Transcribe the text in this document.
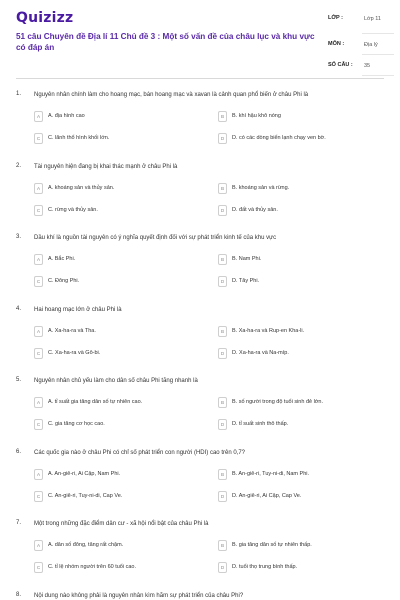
Quizizz
51 câu Chuyên đề Địa lí 11 Chủ đề 3 : Một số vấn đề của châu lục và khu vực có đáp án
LỚP :	Lớp 11
MÔN :	Địa lý
SỐ CÂU : 35
1. Nguyên nhân chính làm cho hoang mạc, bán hoang mạc và xavan là cảnh quan phổ biến ở châu Phi là
A	A. địa hình cao	B	B. khí hậu khô nóng
C	C. lãnh thổ hình khối lớn.	D	D. có các dòng biển lạnh chạy ven bờ.
2. Tài nguyên hiện đang bị khai thác mạnh ở châu Phi là
A	A. khoáng sản và thủy sản.	B	B. khoáng sản và rừng.
C	C. rừng và thủy sản.	D	D. đất và thủy sản.
3. Dầu khí là nguồn tài nguyên có ý nghĩa quyết định đối với sự phát triển kinh tế của khu vực
A	A. Bắc Phi.	B	B. Nam Phi.
C	C. Đông Phi.	D	D. Tây Phi.
4. Hai hoang mạc lớn ở châu Phi là
A	A. Xa-ha-ra và Tha.	B	B. Xa-ha-ra và Rup-en Kha-li.
C	C. Xa-ha-ra và Gô-bi.	D	D. Xa-ha-ra và Na-míp.
5. Nguyên nhân chủ yếu làm cho dân số châu Phi tăng nhanh là
A	A. tỉ suất gia tăng dân số tự nhiên cao.	B	B. số người trong độ tuổi sinh đẻ lớn.
C	C. gia tăng cơ học cao.	D	D. tỉ suất sinh thô thấp.
6. Các quốc gia nào ở châu Phi có chỉ số phát triển con người (HDI) cao trên 0,7?
A	A. An-giê-ri, Ai Cập, Nam Phi.	B	B. An-giê-ri, Tuy-ni-di, Nam Phi.
C	C. An-giê-ri, Tuy-ni-di, Cap Ve.	D	D. An-giê-ri, Ai Cập, Cap Ve.
7. Một trong những đặc điểm dân cư - xã hội nổi bật của châu Phi là
A	A. dân số đông, tăng rất chậm.	B	B. gia tăng dân số tự nhiên thấp.
C	C. tỉ lệ nhóm người trên 60 tuổi cao.	D	D. tuổi thọ trung bình thấp.
8. Nội dung nào không phải là nguyên nhân kìm hãm sự phát triển của châu Phi?
